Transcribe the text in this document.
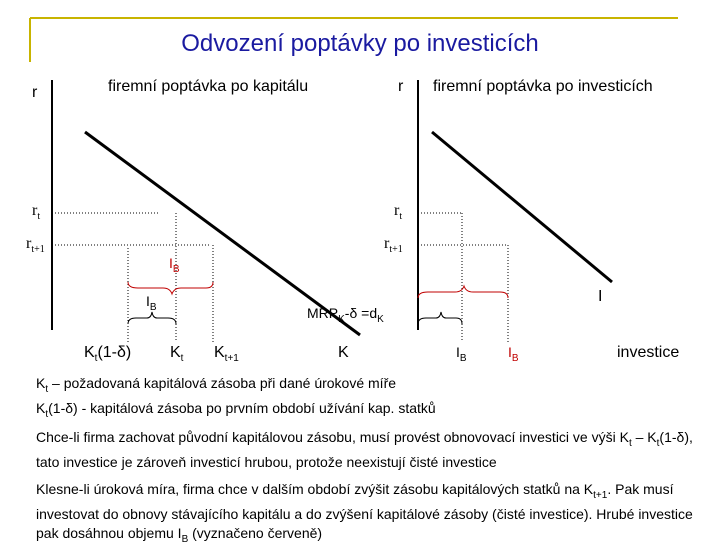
Odvození poptávky po investicích
firemní poptávka po kapitálu
r
$r_t$
$r_{t+1}$
$I_B$
$I_B$	$MRP_K-\delta =d_K$
$K_t(1-\delta)$ $K_t$ $K_{t+1}$	K
firemní poptávka po investicích
r
$r_t$
$r_{t+1}$
I
$I_B$	$I_B$	investice
$K_t$ – požadovaná kapitálová zásoba při dané úrokové míře
$K_t(1-\delta)$ - kapitálová zásoba po prvním období užívání kap. statků
Chce-li firma zachovat původní kapitálovou zásobu, musí provést obnovovací investici ve výši $K_t - K_t(1-\delta)$, tato investice je zároveň investicí hrubou, protože neexistují čisté investice
Klesne-li úroková míra, firma chce v dalším období zvýšit zásobu kapitálových statků na $K_{t+1}$. Pak musí investovat do obnovy stávajícího kapitálu a do zvýšení kapitálové zásoby (čisté investice). Hrubé investice pak dosáhnou objemu $I_B$ (vyznačeno červeně)
